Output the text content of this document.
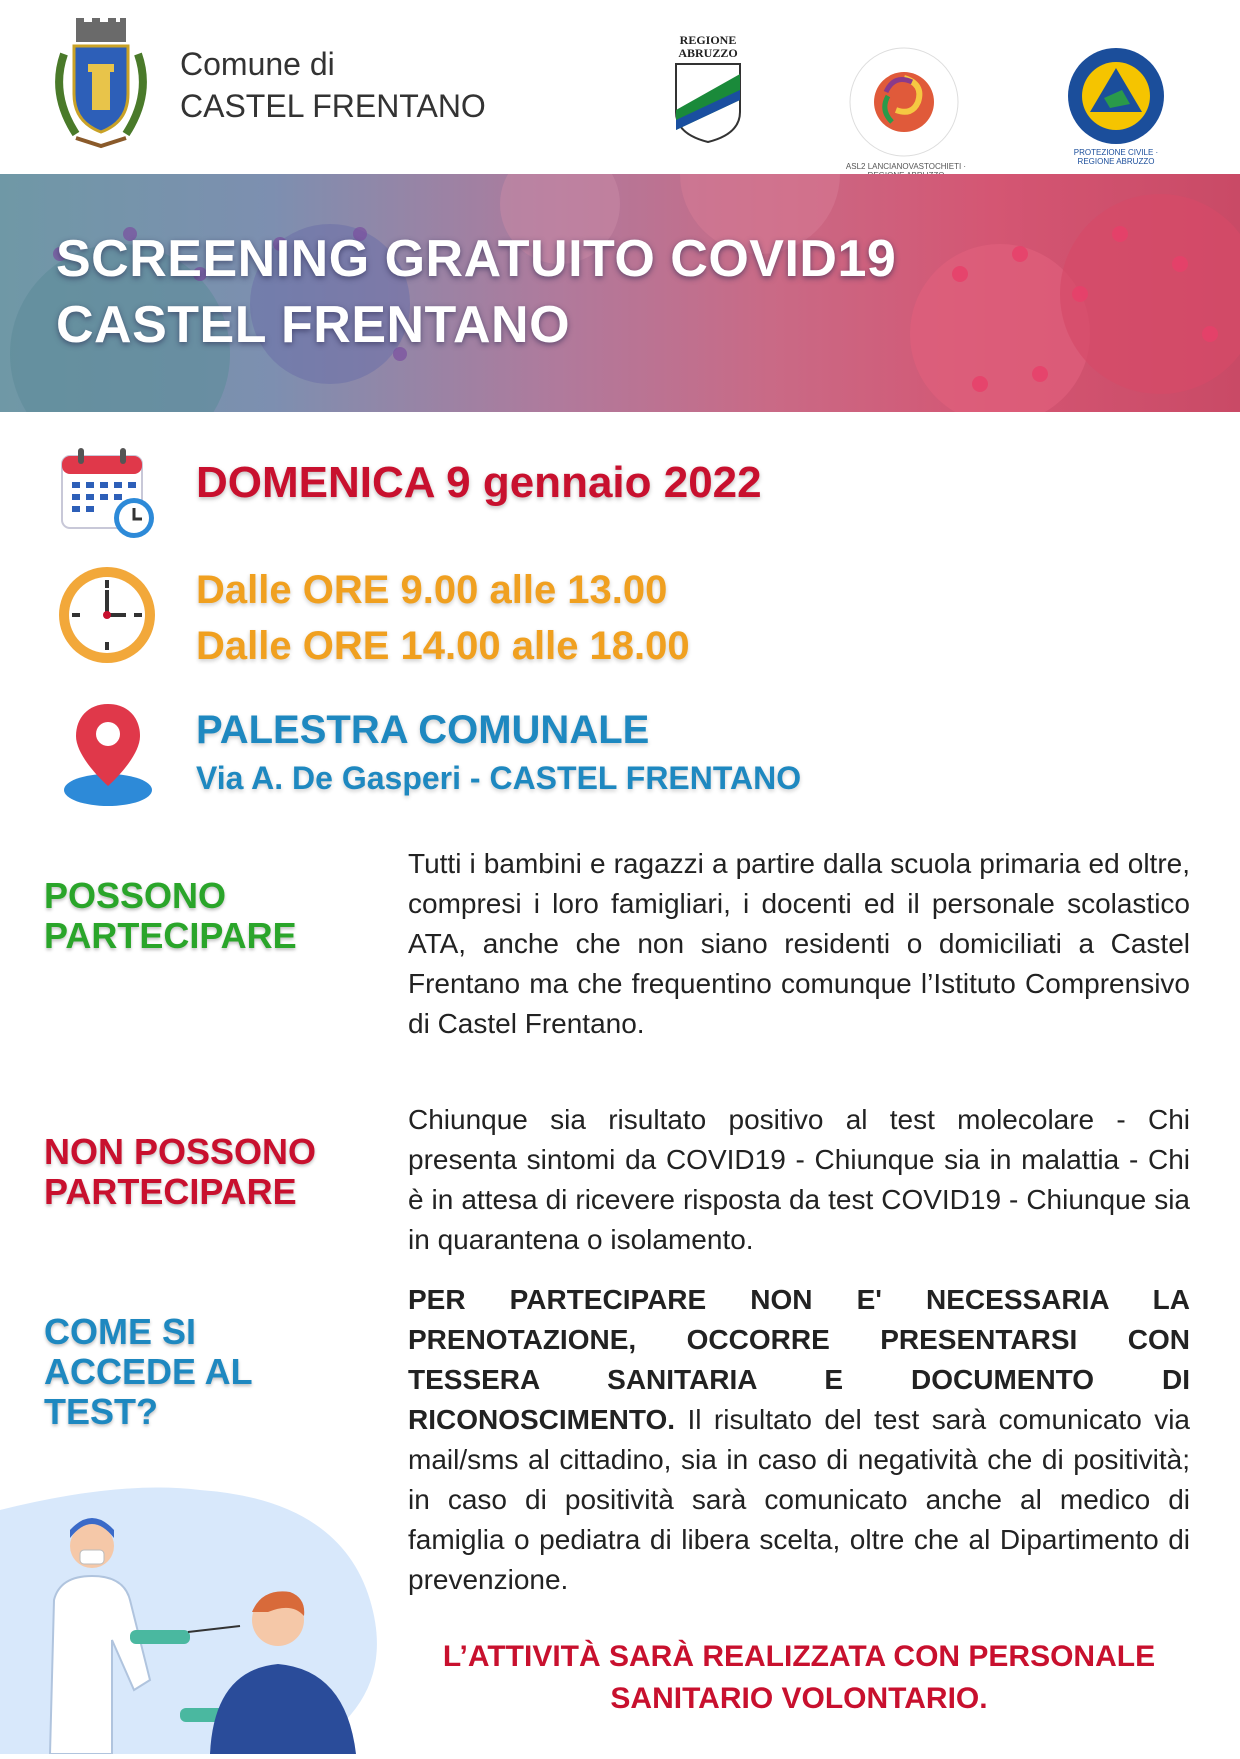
Comune di
CASTEL FRENTANO
REGIONE
ABRUZZO
ASL2 LANCIANOVASTOCHIETI ·
PROTEZIONE CIVILE · REGIONE ABRUZZO
SCREENING GRATUITO COVID19
CASTEL FRENTANO
DOMENICA 9 gennaio 2022
Dalle ORE 9.00 alle 13.00
Dalle ORE 14.00 alle 18.00
PALESTRA COMUNALE
Via A. De Gasperi - CASTEL FRENTANO
POSSONO
PARTECIPARE
NON POSSONO
PARTECIPARE
COME SI
ACCEDE AL
TEST?
Tutti i bambini e ragazzi a partire dalla scuola primaria ed oltre, compresi i loro famigliari, i docenti ed il personale scolastico ATA, anche che non siano residenti o domiciliati a Castel Frentano ma che frequentino comunque l’Istituto Comprensivo di Castel Frentano.
Chiunque sia risultato positivo al test molecolare - Chi presenta sintomi da COVID19 - Chiunque sia in malattia - Chi è in attesa di ricevere risposta da test COVID19 - Chiunque sia in quarantena o isolamento.
PER PARTECIPARE NON E' NECESSARIA LA PRENOTAZIONE, OCCORRE PRESENTARSI CON TESSERA SANITARIA E DOCUMENTO DI RICONOSCIMENTO. Il risultato del test sarà comunicato via mail/sms al cittadino, sia in caso di negatività che di positività; in caso di positività sarà comunicato anche al medico di famiglia o pediatra di libera scelta, oltre che al Dipartimento di prevenzione.
L’ATTIVITÀ SARÀ REALIZZATA CON PERSONALE
SANITARIO VOLONTARIO.
